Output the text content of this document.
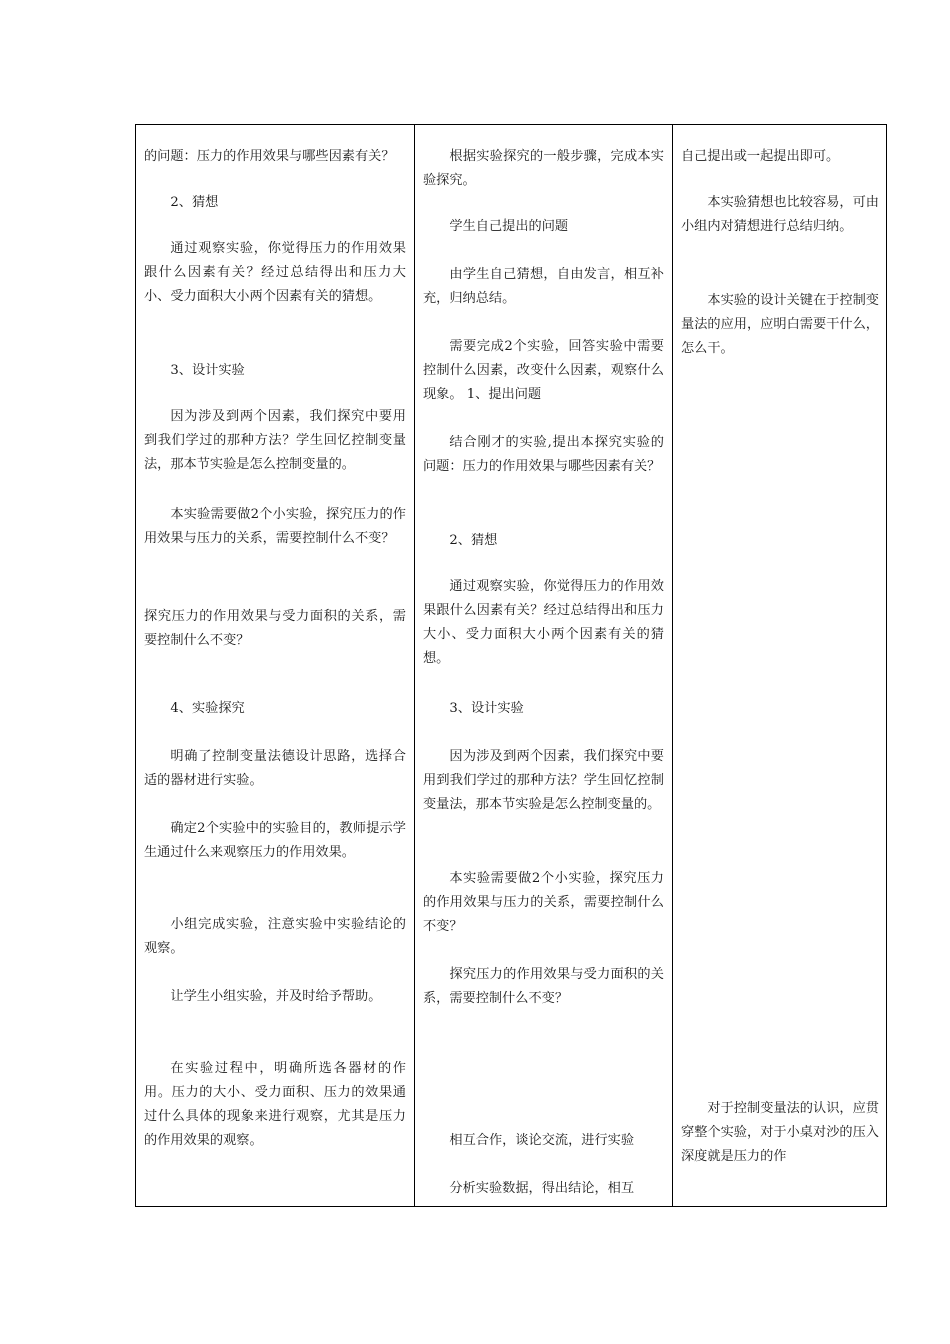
的问题：压力的作用效果与哪些因素有关？

2、猜想

通过观察实验，你觉得压力的作用效果跟什么因素有关？经过总结得出和压力大小、受力面积大小两个因素有关的猜想。

3、设计实验

因为涉及到两个因素，我们探究中要用到我们学过的那种方法？学生回忆控制变量法，那本节实验是怎么控制变量的。

本实验需要做2个小实验，探究压力的作用效果与压力的关系，需要控制什么不变？

探究压力的作用效果与受力面积的关系，需要控制什么不变？

4、实验探究

明确了控制变量法德设计思路，选择合适的器材进行实验。

确定2个实验中的实验目的，教师提示学生通过什么来观察压力的作用效果。

小组完成实验，注意实验中实验结论的观察。

让学生小组实验，并及时给予帮助。

在实验过程中，明确所选各器材的作用。压力的大小、受力面积、压力的效果通过什么具体的现象来进行观察，尤其是压力的作用效果的观察。

根据实验探究的一般步骤，完成本实验探究。

学生自己提出的问题

由学生自己猜想，自由发言，相互补充，归纳总结。

需要完成2个实验，回答实验中需要控制什么因素，改变什么因素，观察什么现象。 1、提出问题

结合刚才的实验,提出本探究实验的问题：压力的作用效果与哪些因素有关？

2、猜想

通过观察实验，你觉得压力的作用效果跟什么因素有关？经过总结得出和压力大小、受力面积大小两个因素有关的猜想。

3、设计实验

因为涉及到两个因素，我们探究中要用到我们学过的那种方法？学生回忆控制变量法，那本节实验是怎么控制变量的。

本实验需要做2个小实验，探究压力的作用效果与压力的关系，需要控制什么不变？

探究压力的作用效果与受力面积的关系，需要控制什么不变？

相互合作，谈论交流，进行实验

分析实验数据，得出结论，相互

自己提出或一起提出即可。

本实验猜想也比较容易，可由小组内对猜想进行总结归纳。

本实验的设计关键在于控制变量法的应用，应明白需要干什么，怎么干。

对于控制变量法的认识，应贯穿整个实验，对于小桌对沙的压入深度就是压力的作
